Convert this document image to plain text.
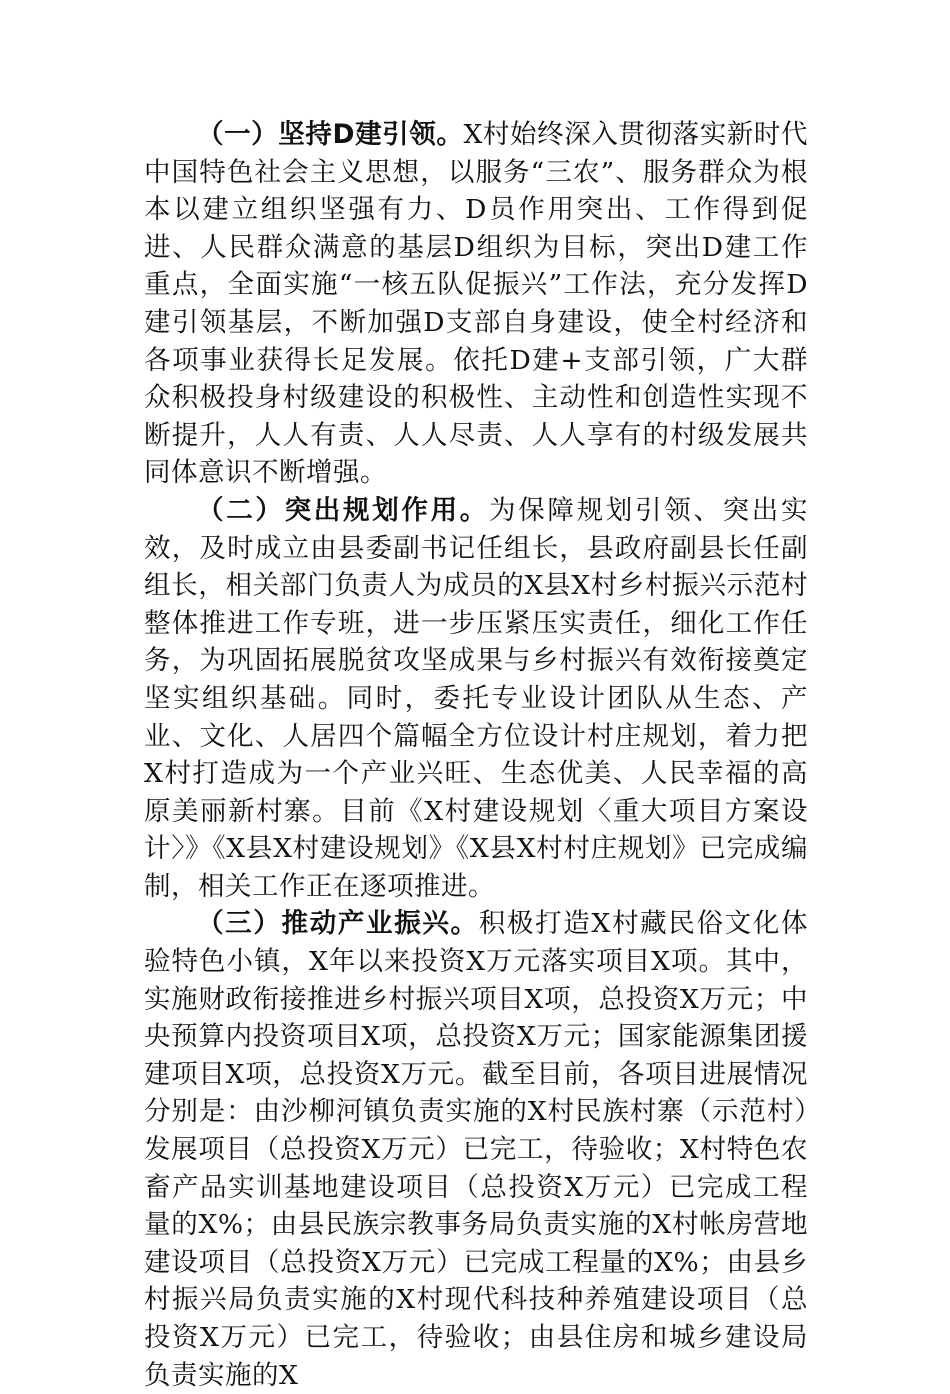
（一）坚持D建引领。X村始终深入贯彻落实新时代中国特色社会主义思想，以服务“三农”、服务群众为根本以建立组织坚强有力、D员作用突出、工作得到促进、人民群众满意的基层D组织为目标，突出D建工作重点，全面实施“一核五队促振兴”工作法，充分发挥D建引领基层，不断加强D支部自身建设，使全村经济和各项事业获得长足发展。依托D建+支部引领，广大群众积极投身村级建设的积极性、主动性和创造性实现不断提升，人人有责、人人尽责、人人享有的村级发展共同体意识不断增强。

（二）突出规划作用。为保障规划引领、突出实效，及时成立由县委副书记任组长，县政府副县长任副组长，相关部门负责人为成员的X县X村乡村振兴示范村整体推进工作专班，进一步压紧压实责任，细化工作任务，为巩固拓展脱贫攻坚成果与乡村振兴有效衔接奠定坚实组织基础。同时，委托专业设计团队从生态、产业、文化、人居四个篇幅全方位设计村庄规划，着力把X村打造成为一个产业兴旺、生态优美、人民幸福的高原美丽新村寨。目前《X村建设规划〈重大项目方案设计〉》《X县X村建设规划》《X县X村村庄规划》已完成编制，相关工作正在逐项推进。

（三）推动产业振兴。积极打造X村藏民俗文化体验特色小镇，X年以来投资X万元落实项目X项。其中，实施财政衔接推进乡村振兴项目X项，总投资X万元；中央预算内投资项目X项，总投资X万元；国家能源集团援建项目X项，总投资X万元。截至目前，各项目进展情况分别是：由沙柳河镇负责实施的X村民族村寨（示范村）发展项目（总投资X万元）已完工，待验收；X村特色农畜产品实训基地建设项目（总投资X万元）已完成工程量的X%；由县民族宗教事务局负责实施的X村帐房营地建设项目（总投资X万元）已完成工程量的X%；由县乡村振兴局负责实施的X村现代科技种养殖建设项目（总投资X万元）已完工，待验收；由县住房和城乡建设局负责实施的X
